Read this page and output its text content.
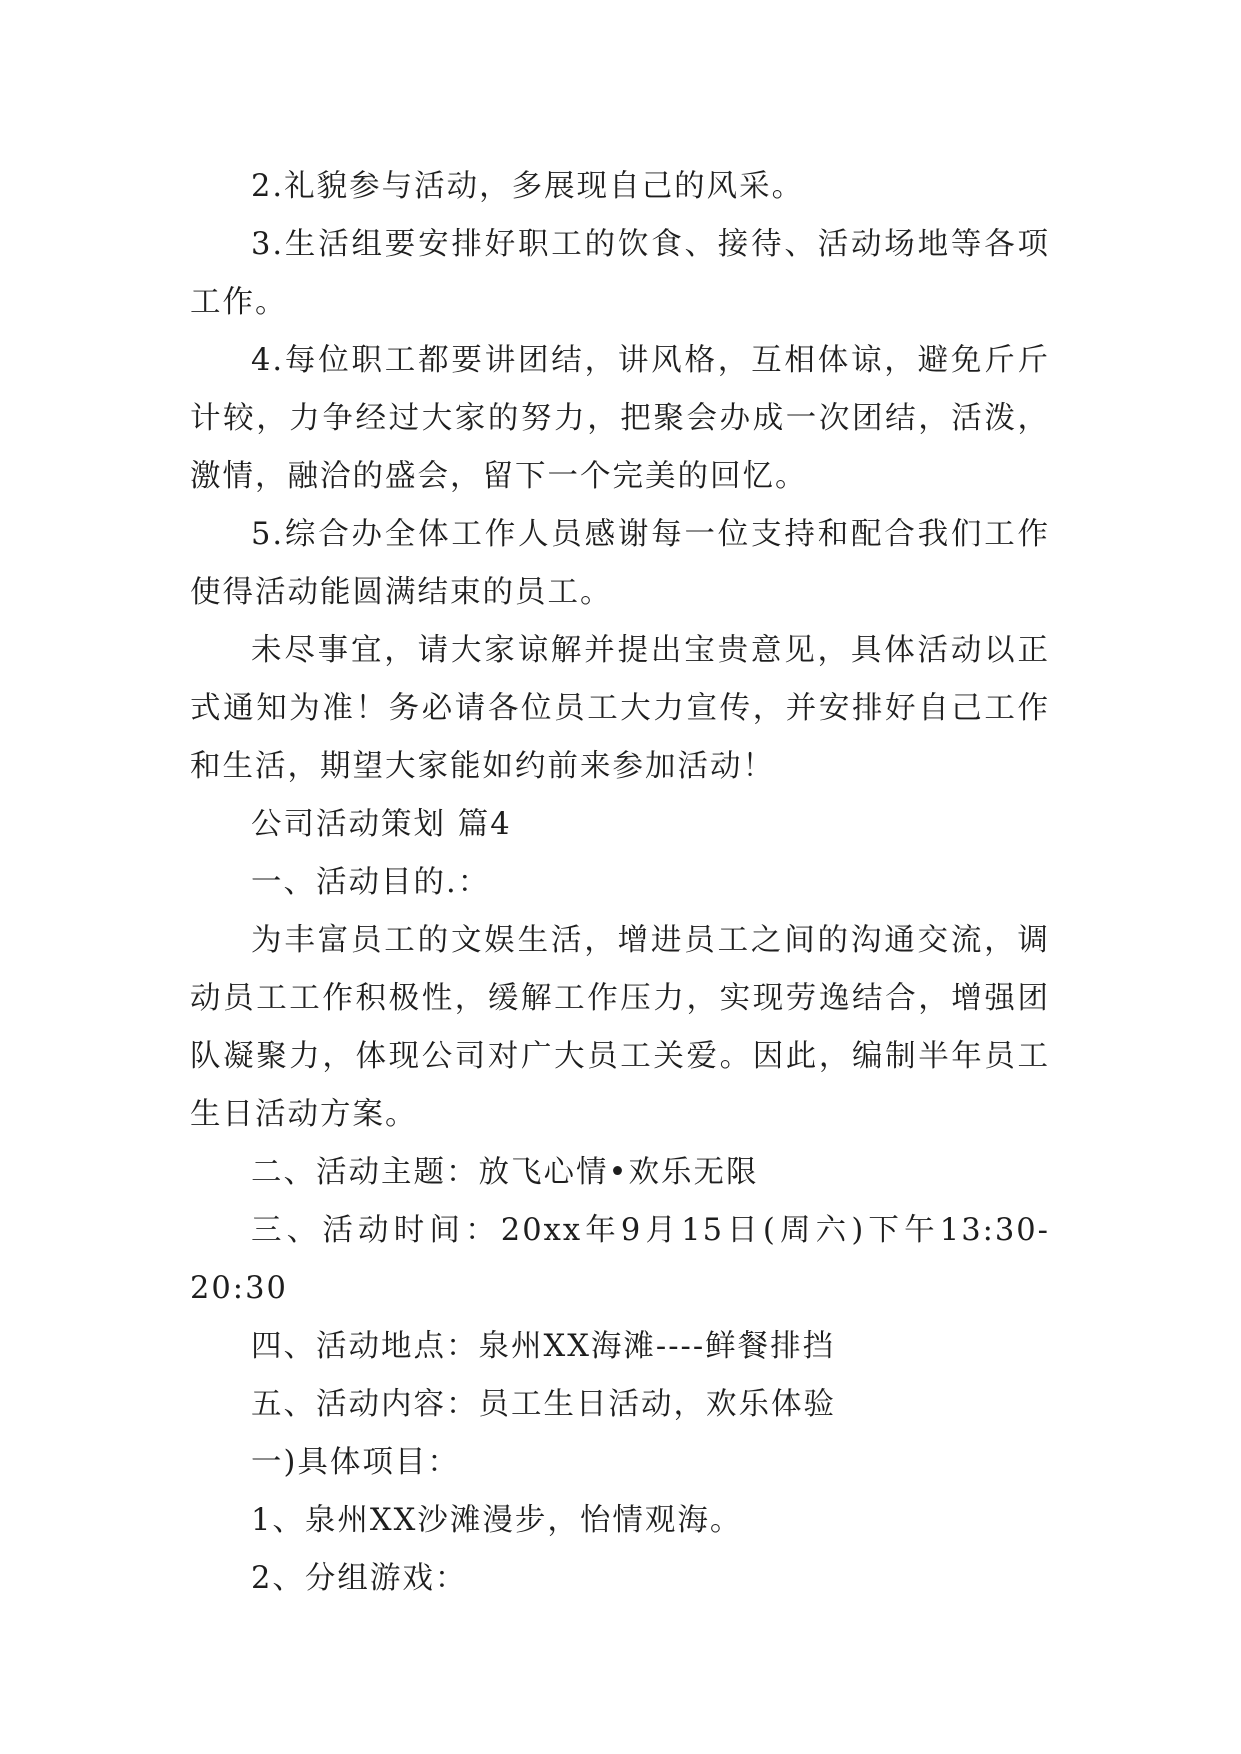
2.礼貌参与活动，多展现自己的风采。

3.生活组要安排好职工的饮食、接待、活动场地等各项工作。

4.每位职工都要讲团结，讲风格，互相体谅，避免斤斤计较，力争经过大家的努力，把聚会办成一次团结，活泼，激情，融洽的盛会，留下一个完美的回忆。

5.综合办全体工作人员感谢每一位支持和配合我们工作使得活动能圆满结束的员工。

未尽事宜，请大家谅解并提出宝贵意见，具体活动以正式通知为准！务必请各位员工大力宣传，并安排好自己工作和生活，期望大家能如约前来参加活动！

公司活动策划 篇4

一、活动目的.：

为丰富员工的文娱生活，增进员工之间的沟通交流，调动员工工作积极性，缓解工作压力，实现劳逸结合，增强团队凝聚力，体现公司对广大员工关爱。因此，编制半年员工生日活动方案。

二、活动主题：放飞心情•欢乐无限

三、活动时间：20xx年9月15日(周六)下午13:30-20:30

四、活动地点：泉州XX海滩----鲜餐排挡

五、活动内容：员工生日活动，欢乐体验

一)具体项目：

1、泉州XX沙滩漫步，怡情观海。

2、分组游戏：
